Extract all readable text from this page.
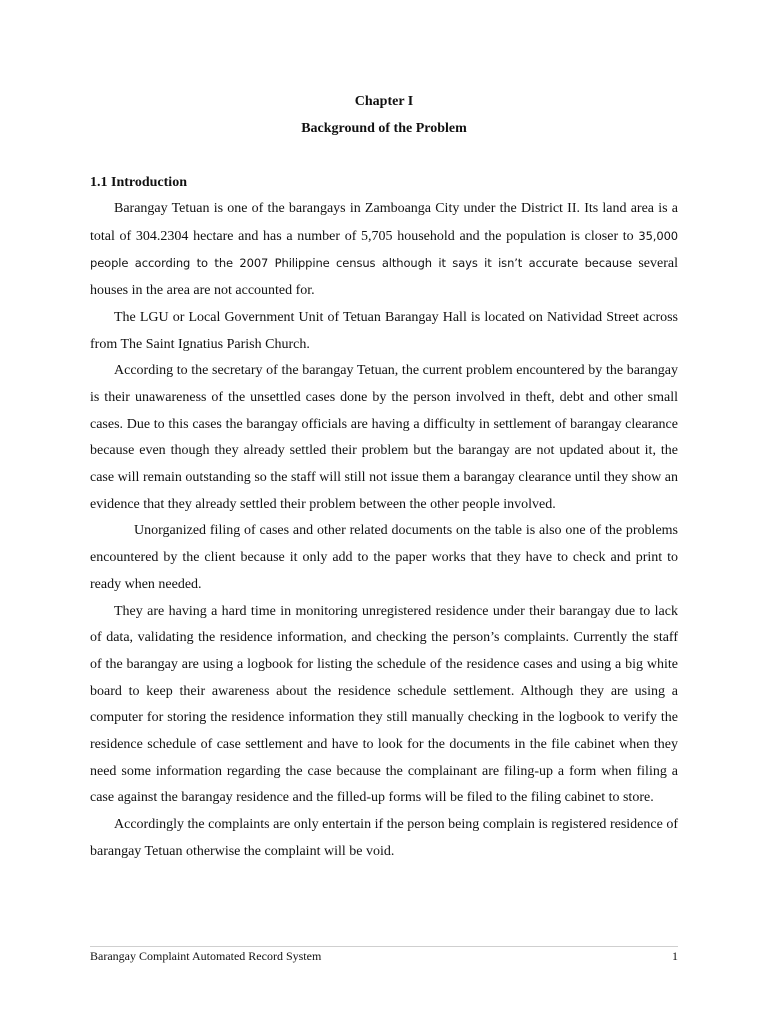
Chapter I
Background of the Problem
1.1 Introduction

Barangay Tetuan is one of the barangays in Zamboanga City under the District II. Its land area is a total of 304.2304 hectare and has a number of 5,705 household and the population is closer to 35,000 people according to the 2007 Philippine census although it says it isn’t accurate because several houses in the area are not accounted for.

The LGU or Local Government Unit of Tetuan Barangay Hall is located on Natividad Street across from The Saint Ignatius Parish Church.

According to the secretary of the barangay Tetuan, the current problem encountered by the barangay is their unawareness of the unsettled cases done by the person involved in theft, debt and other small cases. Due to this cases the barangay officials are having a difficulty in settlement of barangay clearance because even though they already settled their problem but the barangay are not updated about it, the case will remain outstanding so the staff will still not issue them a barangay clearance until they show an evidence that they already settled their problem between the other people involved.

Unorganized filing of cases and other related documents on the table is also one of the problems encountered by the client because it only add to the paper works that they have to check and print to ready when needed.

They are having a hard time in monitoring unregistered residence under their barangay due to lack of data, validating the residence information, and checking the person’s complaints. Currently the staff of the barangay are using a logbook for listing the schedule of the residence cases and using a big white board to keep their awareness about the residence schedule settlement. Although they are using a computer for storing the residence information they still manually checking in the logbook to verify the residence schedule of case settlement and have to look for the documents in the file cabinet when they need some information regarding the case because the complainant are filing-up a form when filing a case against the barangay residence and the filled-up forms will be filed to the filing cabinet to store.

Accordingly the complaints are only entertain if the person being complain is registered residence of barangay Tetuan otherwise the complaint will be void.

Barangay Complaint Automated Record System	1
